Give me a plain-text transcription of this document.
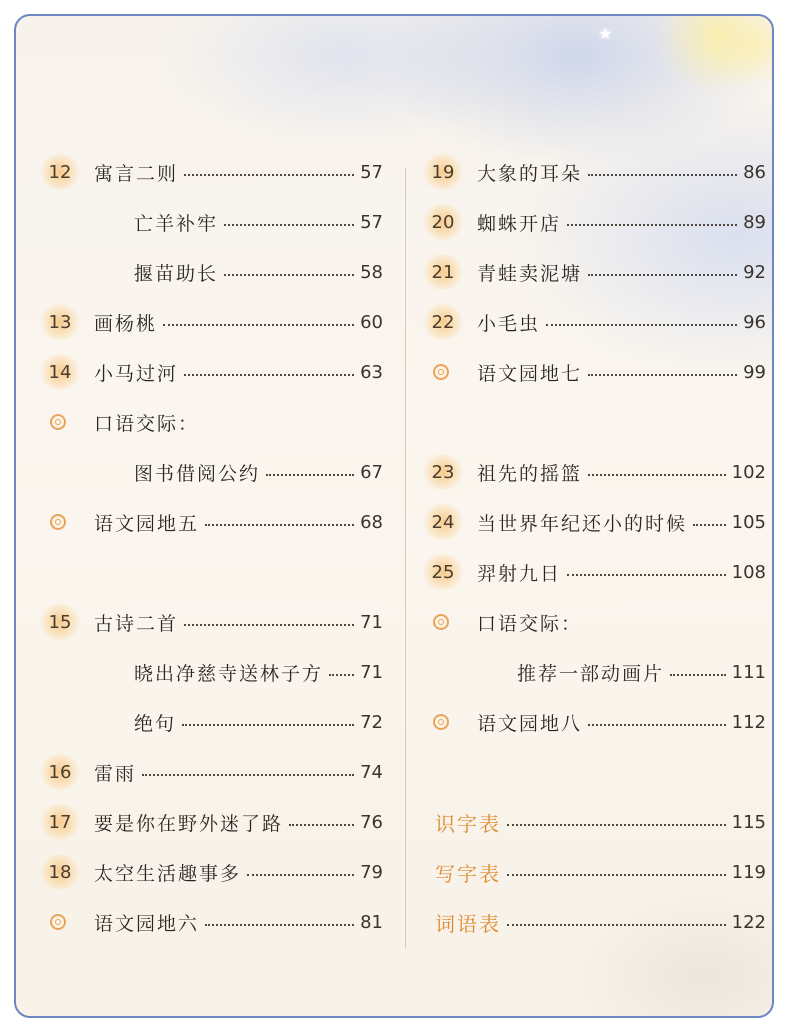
★
12	寓言二则	57
亡羊补牢	57
揠苗助长	58
13	画杨桃	60
14	小马过河	63
口语交际：
图书借阅公约	67
语文园地五	68
15	古诗二首	71
晓出净慈寺送林子方 71
绝句	72
16	雷雨	74
17	要是你在野外迷了路	76
18	太空生活趣事多	79
语文园地六	81
19	大象的耳朵	86
20	蜘蛛开店	89
21	青蛙卖泥塘	92
22	小毛虫	96
语文园地七	99
23	祖先的摇篮	102
24	当世界年纪还小的时候 105
25	羿射九日	108
口语交际：
推荐一部动画片	111
语文园地八	112
识字表	115
写字表	119
词语表	122
